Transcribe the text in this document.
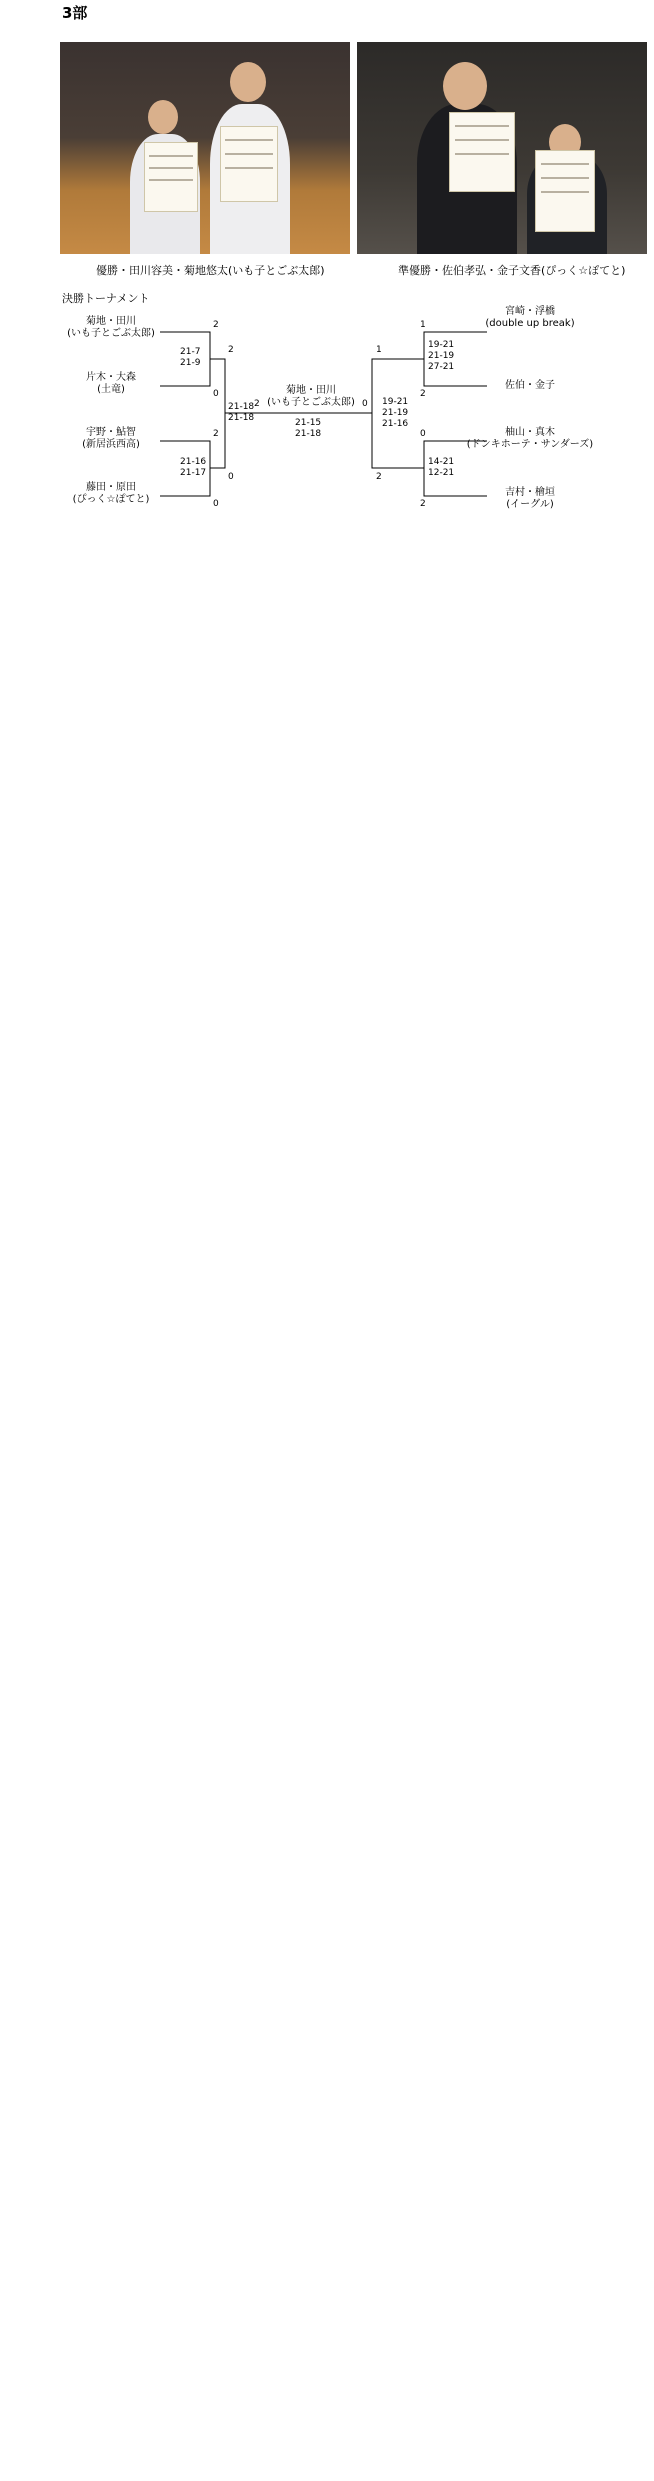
3部
優勝・田川容美・菊地悠太(いも子とごぶ太郎)	準優勝・佐伯孝弘・金子文香(ぴっく☆ぽてと)
決勝トーナメント
菊地・田川
(いも子とごぶ太郎)
片木・大森
(土竜)
宇野・鮎智
(新居浜西高)
藤田・原田
(ぴっく☆ぽてと)
2
0
2
0
21-7
21-9
21-16
21-17
21-18
21-18
2
0
菊地・田川
(いも子とごぶ太郎)
21-15
21-18
2	0
19-21
21-19
27-21
14-21
12-21
19-21
21-19
21-16
1
2
1
2
0
2
宮崎・浮橋
(double up break)
佐伯・金子
柚山・真木
(ドンキホーテ・サンダーズ)
吉村・檜垣
(イーグル)
